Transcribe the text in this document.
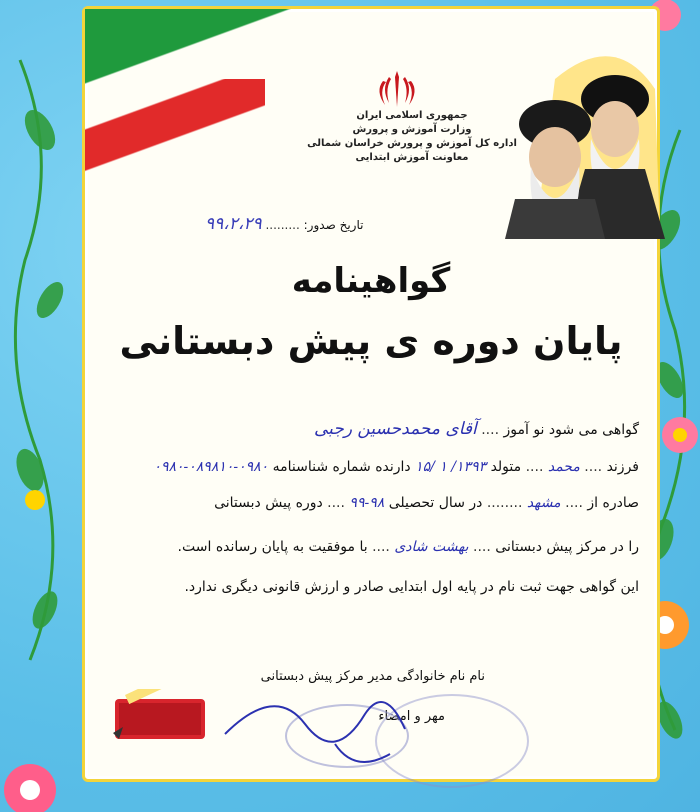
جمهوری اسلامی ایران
وزارت آموزش و پرورش
اداره کل آموزش و پرورش خراسان شمالی
معاونت آموزش ابتدایی
تاریخ صدور: ......... ۹۹،۲،۲۹
گواهینامه
پایان دوره ی پیش دبستانی
گواهی می شود نو آموز .... آقای محمدحسین رجبی
فرزند .... محمد .... متولد ۱۳۹۳/ ۱ /۱۵ دارنده شماره شناسنامه ۰۹۸۰-۰۸۹۸۱۰-۰۹۸۰
صادره از .... مشهد ........ در سال تحصیلی ۹۸-۹۹ .... دوره پیش دبستانی
را در مرکز پیش دبستانی .... بهشت شادی .... با موفقیت به پایان رسانده است.
این گواهی جهت ثبت نام در پایه اول ابتدایی صادر و ارزش قانونی دیگری ندارد.
نام نام خانوادگی مدیر مرکز پیش دبستانی
مهر و امضاء
